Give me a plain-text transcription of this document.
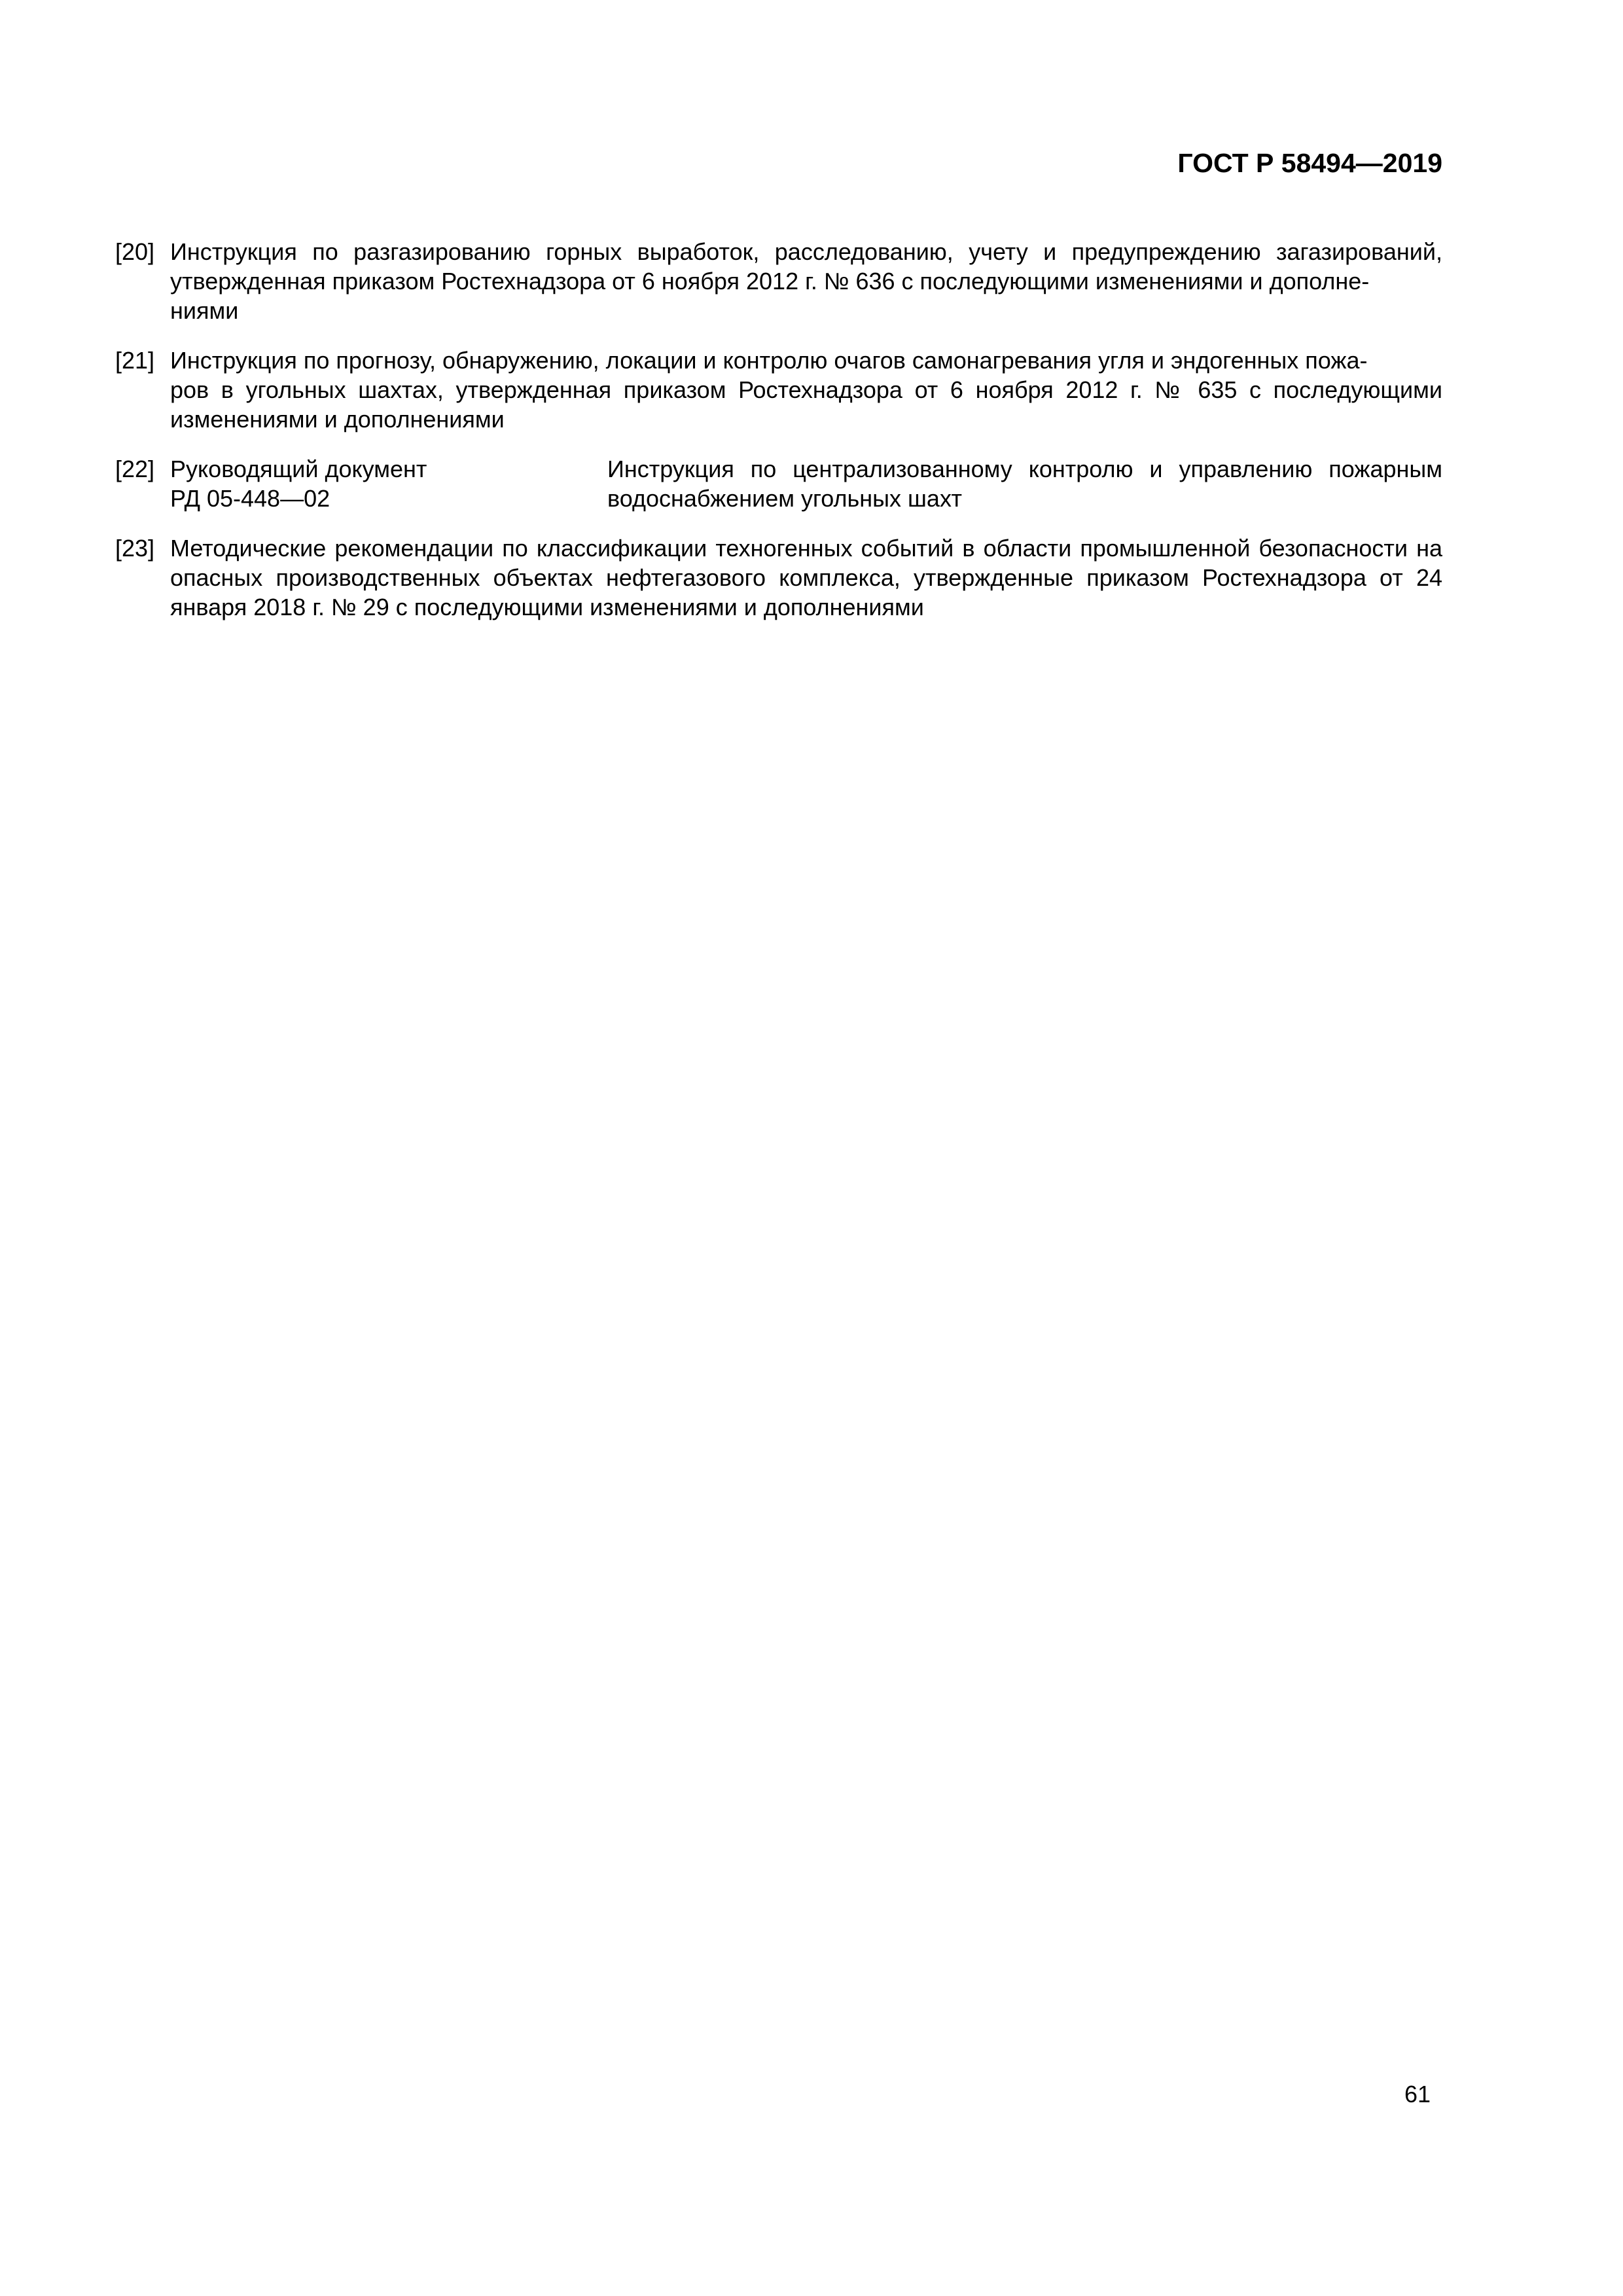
ГОСТ Р 58494—2019
[20] Инструкция по разгазированию горных выработок, расследованию, учету и предупреждению загазирований, утвержденная приказом Ростехнадзора от 6 ноября 2012 г. № 636 с последующими изменениями и дополне-
ниями
[21] Инструкция по прогнозу, обнаружению, локации и контролю очагов самонагревания угля и эндогенных пожа-
ров в угольных шахтах, утвержденная приказом Ростехнадзора от 6 ноября 2012 г. № 635 с последующими изменениями и дополнениями
[22] Руководящий документ
РД 05-448—02
Инструкция по централизованному контролю и управлению пожарным водоснабжением угольных шахт
[23] Методические рекомендации по классификации техногенных событий в области промышленной безопасности на опасных производственных объектах нефтегазового комплекса, утвержденные приказом Ростехнадзора от 24 января 2018 г. № 29 с последующими изменениями и дополнениями
61
